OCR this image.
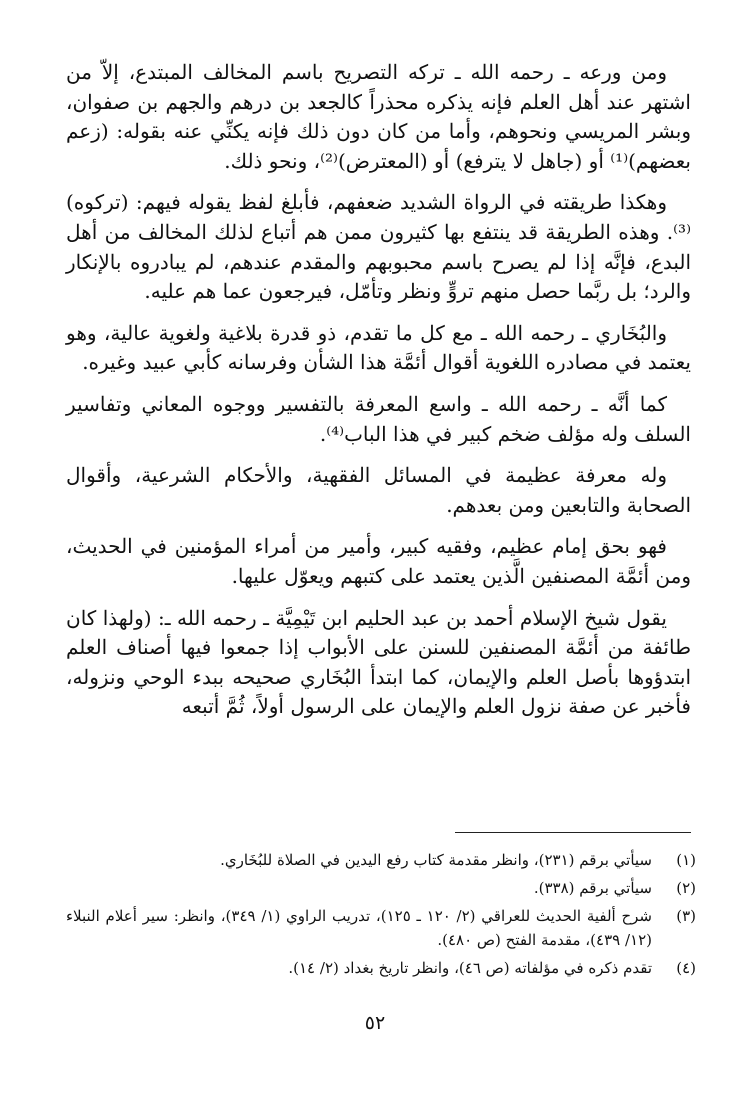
ومن ورعه ـ رحمه الله ـ تركه التصريح باسم المخالف المبتدع، إلاّ من اشتهر عند أهل العلم فإنه يذكره محذراً كالجعد بن درهم والجهم بن صفوان، وبشر المريسي ونحوهم، وأما من كان دون ذلك فإنه يكنِّي عنه بقوله: (زعم بعضهم)⁽¹⁾ أو (جاهل لا يترفع) أو (المعترض)⁽²⁾، ونحو ذلك.

وهكذا طريقته في الرواة الشديد ضعفهم، فأبلغ لفظ يقوله فيهم: (تركوه)⁽³⁾. وهذه الطريقة قد ينتفع بها كثيرون ممن هم أتباع لذلك المخالف من أهل البدع، فإنَّه إذا لم يصرح باسم محبوبهم والمقدم عندهم، لم يبادروه بالإنكار والرد؛ بل ربَّما حصل منهم تروٍّ ونظر وتأمّل، فيرجعون عما هم عليه.

والبُخَاري ـ رحمه الله ـ مع كل ما تقدم، ذو قدرة بلاغية ولغوية عالية، وهو يعتمد في مصادره اللغوية أقوال أئمَّة هذا الشأن وفرسانه كأبي عبيد وغيره.

كما أنَّه ـ رحمه الله ـ واسع المعرفة بالتفسير ووجوه المعاني وتفاسير السلف وله مؤلف ضخم كبير في هذا الباب⁽⁴⁾.

وله معرفة عظيمة في المسائل الفقهية، والأحكام الشرعية، وأقوال الصحابة والتابعين ومن بعدهم.

فهو بحق إمام عظيم، وفقيه كبير، وأمير من أمراء المؤمنين في الحديث، ومن أئمَّة المصنفين الَّذين يعتمد على كتبهم ويعوّل عليها.

يقول شيخ الإسلام أحمد بن عبد الحليم ابن تَيْمِيَّة ـ رحمه الله ـ: (ولهذا كان طائفة من أئمَّة المصنفين للسنن على الأبواب إذا جمعوا فيها أصناف العلم ابتدؤوها بأصل العلم والإيمان، كما ابتدأ البُخَاري صحيحه ببدء الوحي ونزوله، فأخبر عن صفة نزول العلم والإيمان على الرسول أولاً، ثُمَّ أتبعه

(١)
سيأتي برقم (٢٣١)، وانظر مقدمة كتاب رفع اليدين في الصلاة للبُخَاري.
(٢)
سيأتي برقم (٣٣٨).
(٣)
شرح ألفية الحديث للعراقي (٢/ ١٢٠ ـ ١٢٥)، تدريب الراوي (١/ ٣٤٩)، وانظر: سير أعلام النبلاء (١٢/ ٤٣٩)، مقدمة الفتح (ص ٤٨٠).
(٤)
تقدم ذكره في مؤلفاته (ص ٤٦)، وانظر تاريخ بغداد (٢/ ١٤).
٥٢
